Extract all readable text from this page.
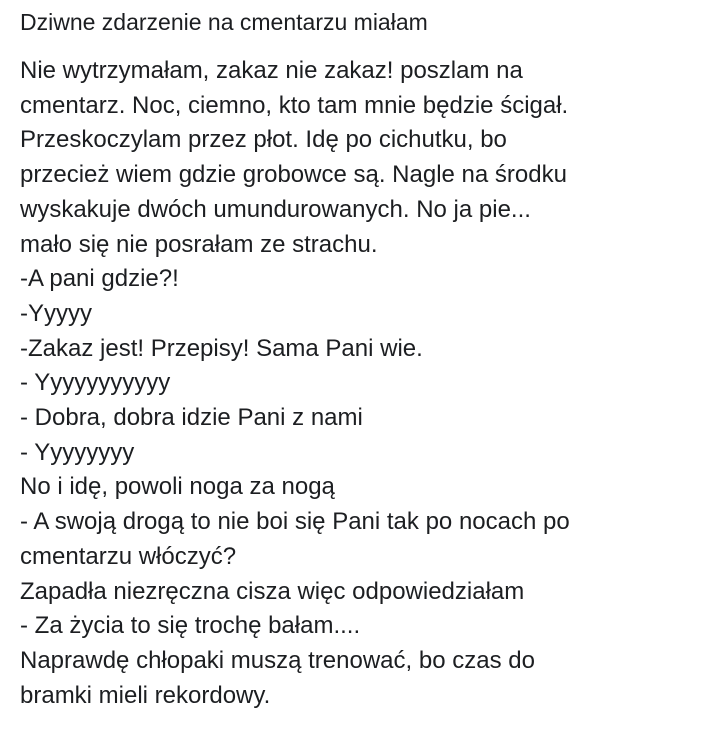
Dziwne zdarzenie na cmentarzu miałam
Nie wytrzymałam, zakaz nie zakaz! poszlam na
cmentarz. Noc, ciemno, kto tam mnie będzie ścigał.
Przeskoczylam przez płot. Idę po cichutku, bo
przecież wiem gdzie grobowce są. Nagle na środku
wyskakuje dwóch umundurowanych. No ja pie...
mało się nie posrałam ze strachu.
-A pani gdzie?!
-Yyyyy
-Zakaz jest! Przepisy! Sama Pani wie.
- Yyyyyyyyyyy
- Dobra, dobra idzie Pani z nami
- Yyyyyyyy
No i idę, powoli noga za nogą
- A swoją drogą to nie boi się Pani tak po nocach po
cmentarzu włóczyć?
Zapadła niezręczna cisza więc odpowiedziałam
- Za życia to się trochę bałam....
Naprawdę chłopaki muszą trenować, bo czas do
bramki mieli rekordowy.
